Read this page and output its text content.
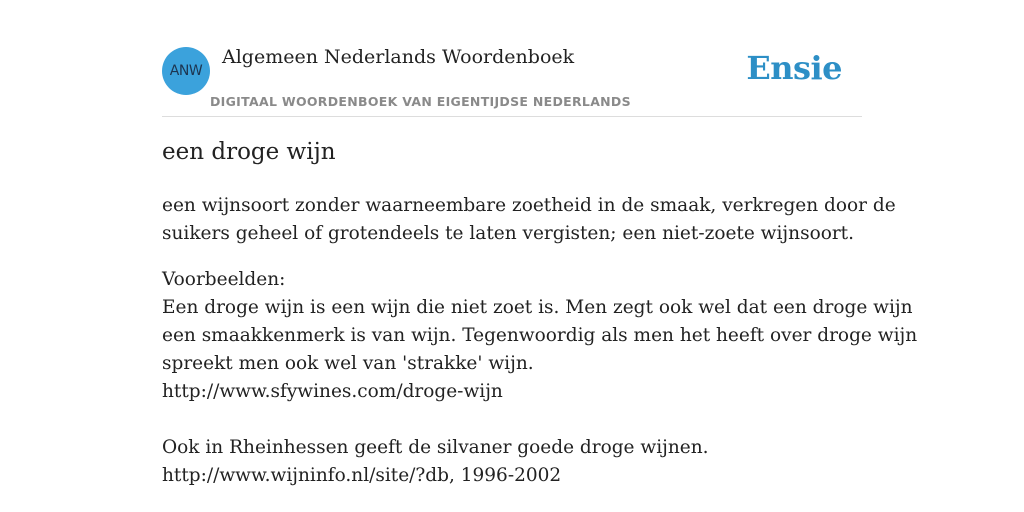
ANW
Algemeen Nederlands Woordenboek
DIGITAAL WOORDENBOEK VAN EIGENTIJDSE NEDERLANDS
Ensie
een droge wijn

een wijnsoort zonder waarneembare zoetheid in de smaak, verkregen door de
suikers geheel of grotendeels te laten vergisten; een niet-zoete wijnsoort.

Voorbeelden:
Een droge wijn is een wijn die niet zoet is. Men zegt ook wel dat een droge wijn
een smaakkenmerk is van wijn. Tegenwoordig als men het heeft over droge wijn
spreekt men ook wel van 'strakke' wijn.
http://www.sfywines.com/droge-wijn
Ook in Rheinhessen geeft de silvaner goede droge wijnen.
http://www.wijninfo.nl/site/?db, 1996-2002
